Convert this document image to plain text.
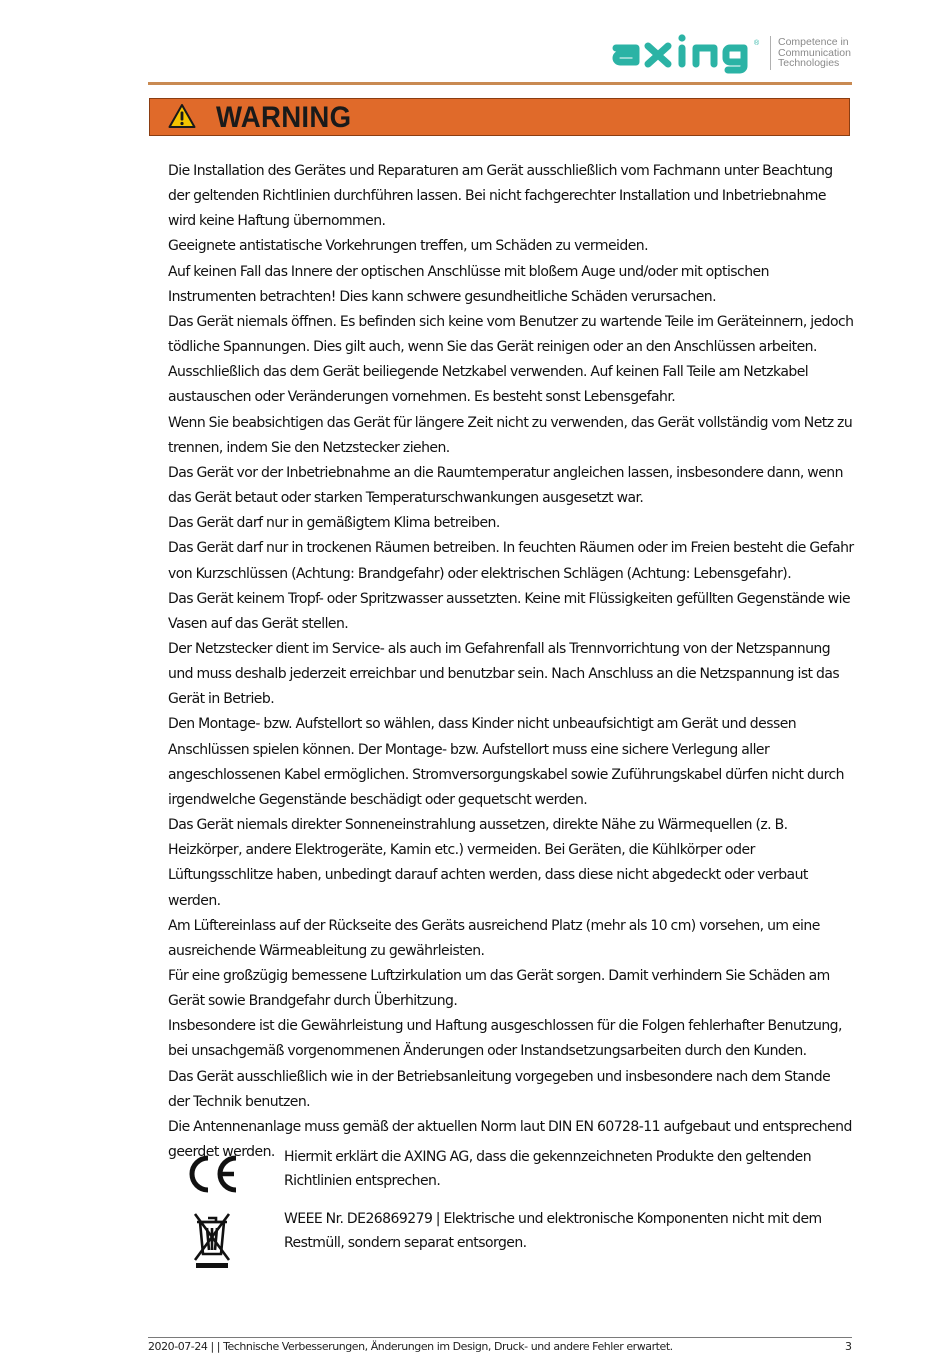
® Competence in
Communication
Technologies
WARNING

Die Installation des Gerätes und Reparaturen am Gerät ausschließlich vom Fachmann unter Beachtung der geltenden Richtlinien durchführen lassen. Bei nicht fachgerechter Installation und Inbetriebnahme wird keine Haftung übernommen.

Geeignete antistatische Vorkehrungen treffen, um Schäden zu vermeiden.

Auf keinen Fall das Innere der optischen Anschlüsse mit bloßem Auge und/oder mit optischen Instrumenten betrachten! Dies kann schwere gesundheitliche Schäden verursachen.

Das Gerät niemals öffnen. Es befinden sich keine vom Benutzer zu wartende Teile im Geräteinnern, jedoch tödliche Spannungen. Dies gilt auch, wenn Sie das Gerät reinigen oder an den Anschlüssen arbeiten.

Ausschließlich das dem Gerät beiliegende Netzkabel verwenden. Auf keinen Fall Teile am Netzkabel austauschen oder Veränderungen vornehmen. Es besteht sonst Lebensgefahr.

Wenn Sie beabsichtigen das Gerät für längere Zeit nicht zu verwenden, das Gerät vollständig vom Netz zu trennen, indem Sie den Netzstecker ziehen.

Das Gerät vor der Inbetriebnahme an die Raumtemperatur angleichen lassen, insbesondere dann, wenn das Gerät betaut oder starken Temperaturschwankungen ausgesetzt war.

Das Gerät darf nur in gemäßigtem Klima betreiben.

Das Gerät darf nur in trockenen Räumen betreiben. In feuchten Räumen oder im Freien besteht die Gefahr von Kurzschlüssen (Achtung: Brandgefahr) oder elektrischen Schlägen (Achtung: Lebensgefahr).

Das Gerät keinem Tropf- oder Spritzwasser aussetzten. Keine mit Flüssigkeiten gefüllten Gegenstände wie Vasen auf das Gerät stellen.

Der Netzstecker dient im Service- als auch im Gefahrenfall als Trennvorrichtung von der Netzspannung und muss deshalb jederzeit erreichbar und benutzbar sein. Nach Anschluss an die Netzspannung ist das Gerät in Betrieb.

Den Montage- bzw. Aufstellort so wählen, dass Kinder nicht unbeaufsichtigt am Gerät und dessen Anschlüssen spielen können. Der Montage- bzw. Aufstellort muss eine sichere Verlegung aller angeschlossenen Kabel ermöglichen. Stromversorgungskabel sowie Zuführungskabel dürfen nicht durch irgendwelche Gegenstände beschädigt oder gequetscht werden.

Das Gerät niemals direkter Sonneneinstrahlung aussetzen, direkte Nähe zu Wärmequellen (z. B. Heizkörper, andere Elektrogeräte, Kamin etc.) vermeiden. Bei Geräten, die Kühlkörper oder Lüftungsschlitze haben, unbedingt darauf achten werden, dass diese nicht abgedeckt oder verbaut werden.

Am Lüftereinlass auf der Rückseite des Geräts ausreichend Platz (mehr als 10 cm) vorsehen, um eine ausreichende Wärmeableitung zu gewährleisten.

Für eine großzügig bemessene Luftzirkulation um das Gerät sorgen. Damit verhindern Sie Schäden am Gerät sowie Brandgefahr durch Überhitzung.

Insbesondere ist die Gewährleistung und Haftung ausgeschlossen für die Folgen fehlerhafter Benutzung, bei unsachgemäß vorgenommenen Änderungen oder Instandsetzungsarbeiten durch den Kunden.

Das Gerät ausschließlich wie in der Betriebsanleitung vorgegeben und insbesondere nach dem Stande der Technik benutzen.

Die Antennenanlage muss gemäß der aktuellen Norm laut DIN EN 60728-11 aufgebaut und entsprechend geerdet werden. Hiermit erklärt die AXING AG, dass die gekennzeichneten Produkte den geltenden Richtlinien entsprechen.
WEEE Nr. DE26869279 | Elektrische und elektronische Komponenten nicht mit dem Restmüll, sondern separat entsorgen.
2020-07-24 | | Technische Verbesserungen, Änderungen im Design, Druck- und andere Fehler erwartet.	3
